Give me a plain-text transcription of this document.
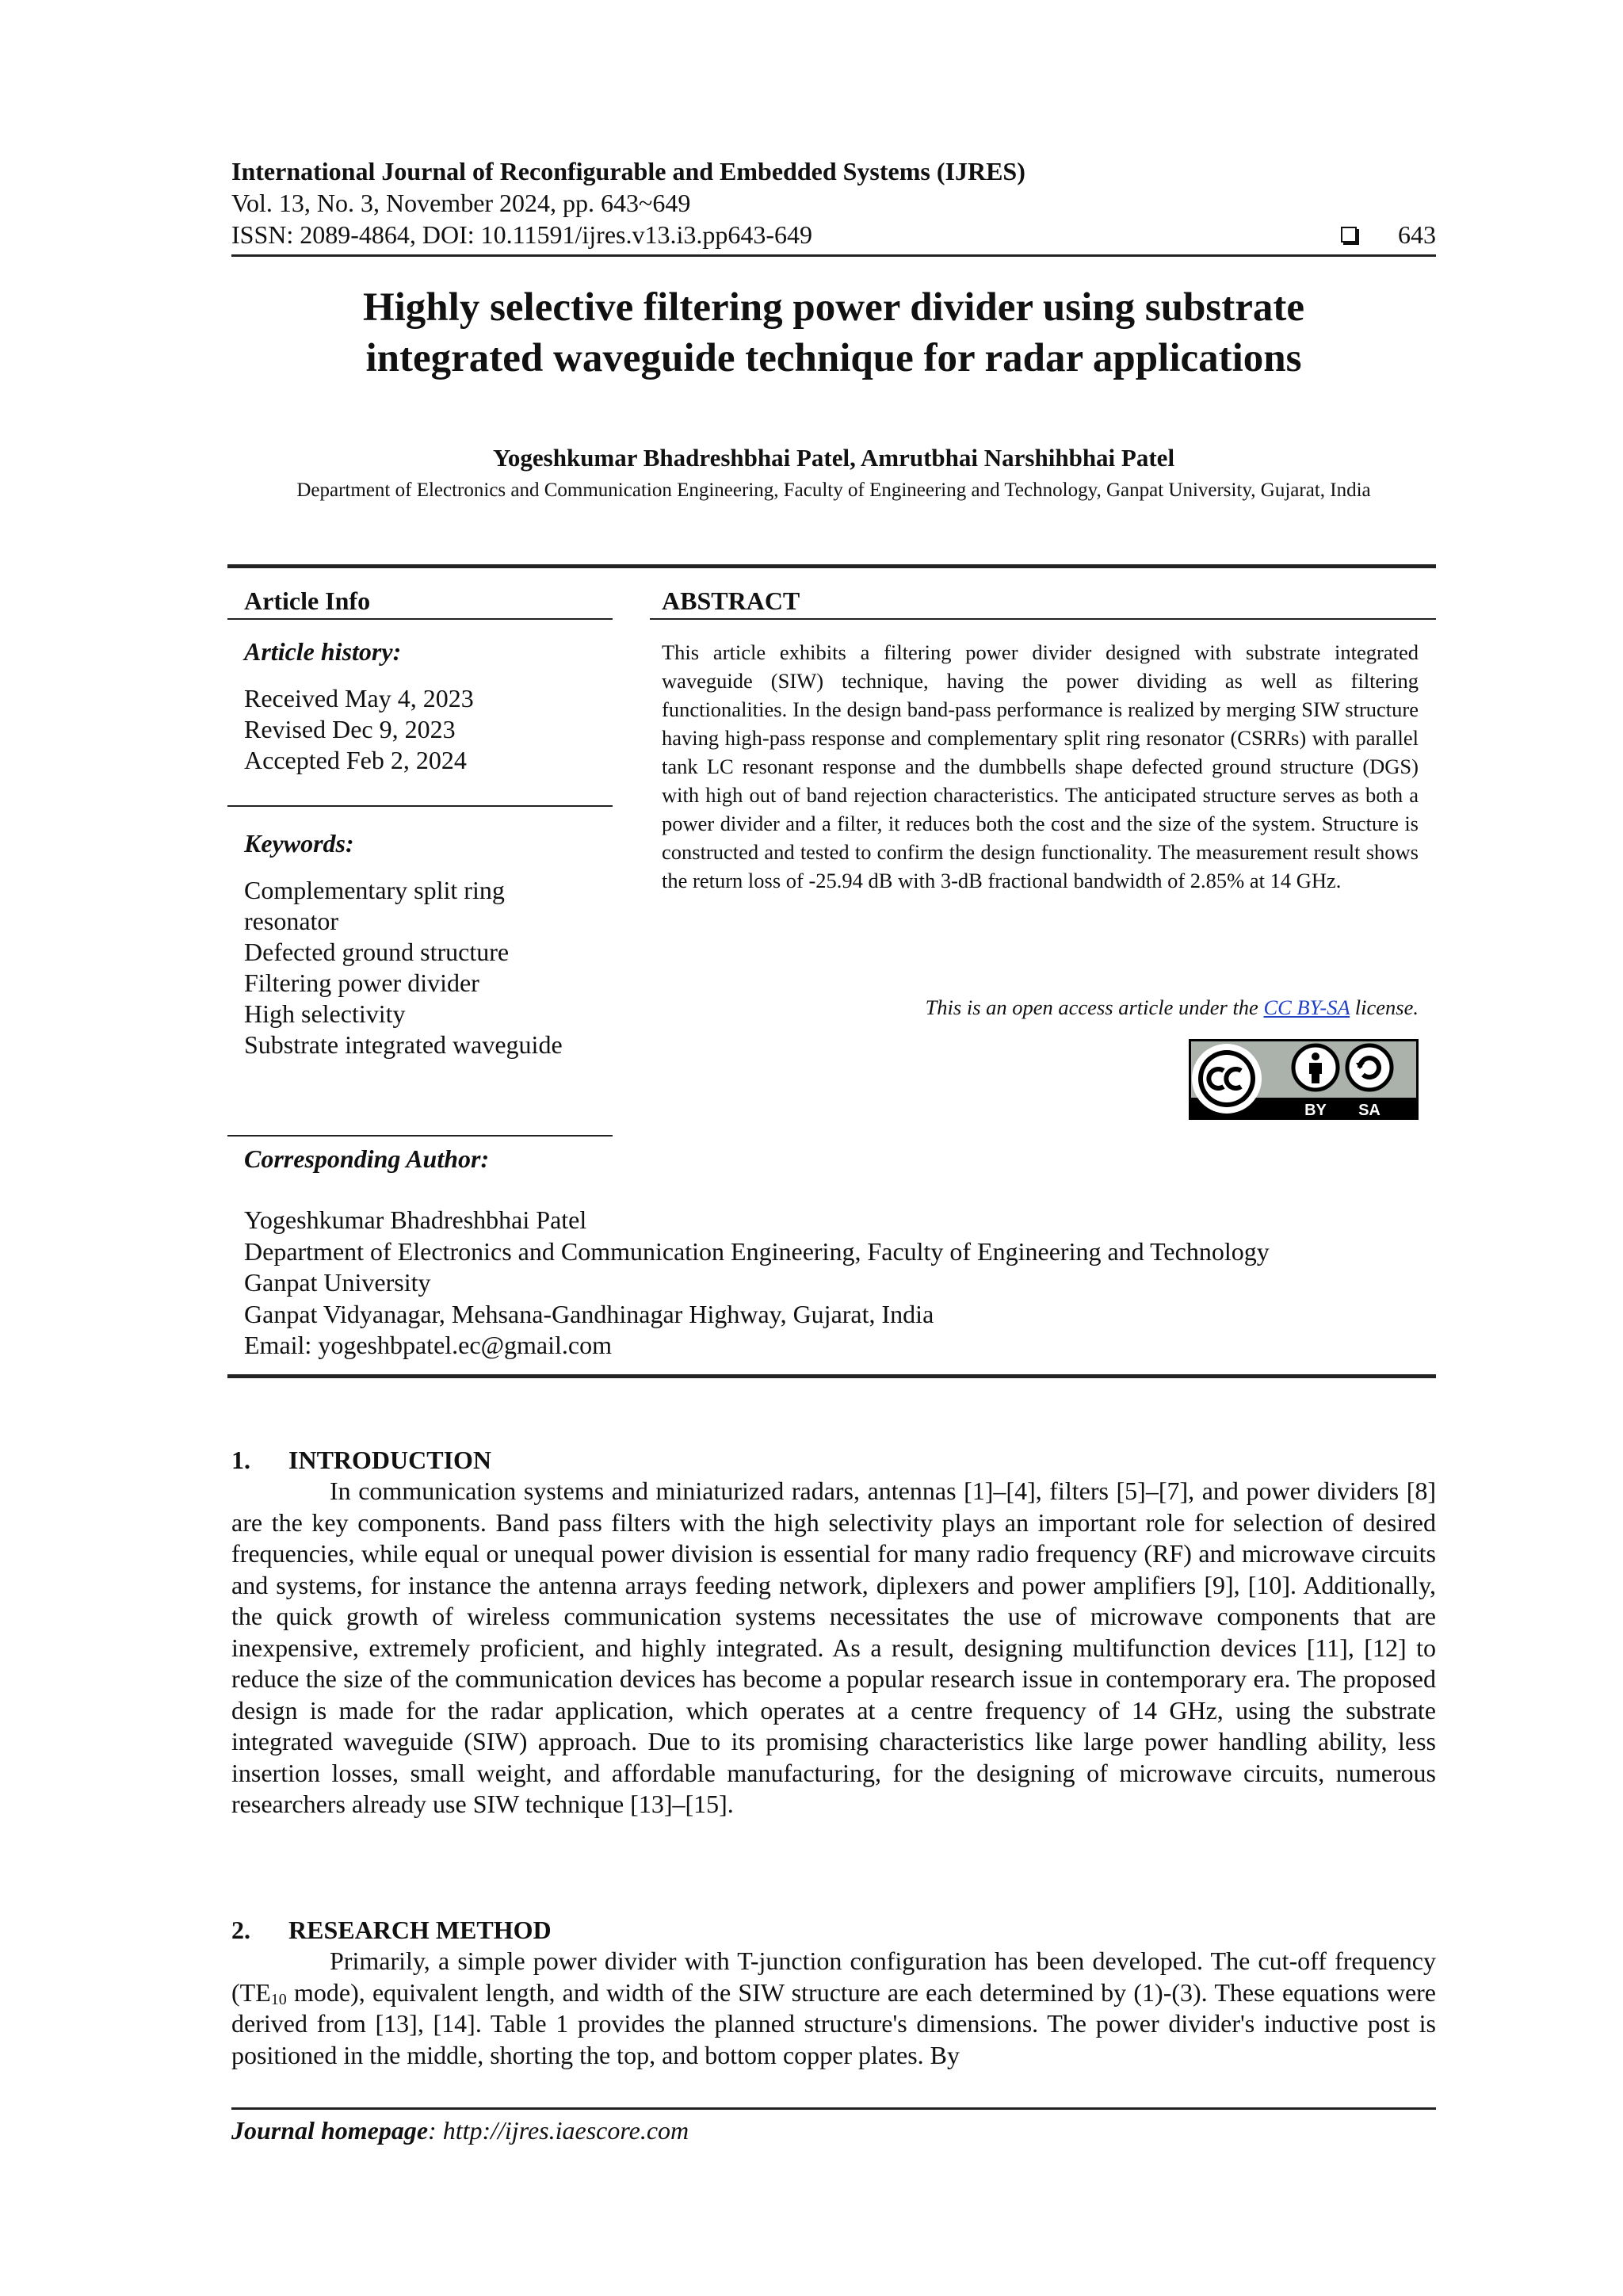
International Journal of Reconfigurable and Embedded Systems (IJRES)
Vol. 13, No. 3, November 2024, pp. 643~649
ISSN: 2089-4864, DOI: 10.11591/ijres.v13.i3.pp643-649	643
Highly selective filtering power divider using substrate
integrated waveguide technique for radar applications
Yogeshkumar Bhadreshbhai Patel, Amrutbhai Narshihbhai Patel
Department of Electronics and Communication Engineering, Faculty of Engineering and Technology, Ganpat University, Gujarat, India
Article Info
Article history:
Received May 4, 2023
Revised Dec 9, 2023
Accepted Feb 2, 2024
Keywords:
Complementary split ring resonator
Defected ground structure
Filtering power divider
High selectivity
Substrate integrated waveguide
ABSTRACT
This article exhibits a filtering power divider designed with substrate integrated waveguide (SIW) technique, having the power dividing as well as filtering functionalities. In the design band-pass performance is realized by merging SIW structure having high-pass response and complementary split ring resonator (CSRRs) with parallel tank LC resonant response and the dumbbells shape defected ground structure (DGS) with high out of band rejection characteristics. The anticipated structure serves as both a power divider and a filter, it reduces both the cost and the size of the system. Structure is constructed and tested to confirm the design functionality. The measurement result shows the return loss of -25.94 dB with 3-dB fractional bandwidth of 2.85% at 14 GHz.
This is an open access article under the CC BY-SA license.
BY SA
Corresponding Author:
Yogeshkumar Bhadreshbhai Patel
Department of Electronics and Communication Engineering, Faculty of Engineering and Technology
Ganpat University
Ganpat Vidyanagar, Mehsana-Gandhinagar Highway, Gujarat, India
Email: yogeshbpatel.ec@gmail.com
1. INTRODUCTION

In communication systems and miniaturized radars, antennas [1]–[4], filters [5]–[7], and power dividers [8] are the key components. Band pass filters with the high selectivity plays an important role for selection of desired frequencies, while equal or unequal power division is essential for many radio frequency (RF) and microwave circuits and systems, for instance the antenna arrays feeding network, diplexers and power amplifiers [9], [10]. Additionally, the quick growth of wireless communication systems necessitates the use of microwave components that are inexpensive, extremely proficient, and highly integrated. As a result, designing multifunction devices [11], [12] to reduce the size of the communication devices has become a popular research issue in contemporary era. The proposed design is made for the radar application, which operates at a centre frequency of 14 GHz, using the substrate integrated waveguide (SIW) approach. Due to its promising characteristics like large power handling ability, less insertion losses, small weight, and affordable manufacturing, for the designing of microwave circuits, numerous researchers already use SIW technique [13]–[15].

2. RESEARCH METHOD

Primarily, a simple power divider with T-junction configuration has been developed. The cut-off frequency ($TE_{10}$ mode), equivalent length, and width of the SIW structure are each determined by (1)-(3). These equations were derived from [13], [14]. Table 1 provides the planned structure's dimensions. The power divider's inductive post is positioned in the middle, shorting the top, and bottom copper plates. By

Journal homepage: http://ijres.iaescore.com
